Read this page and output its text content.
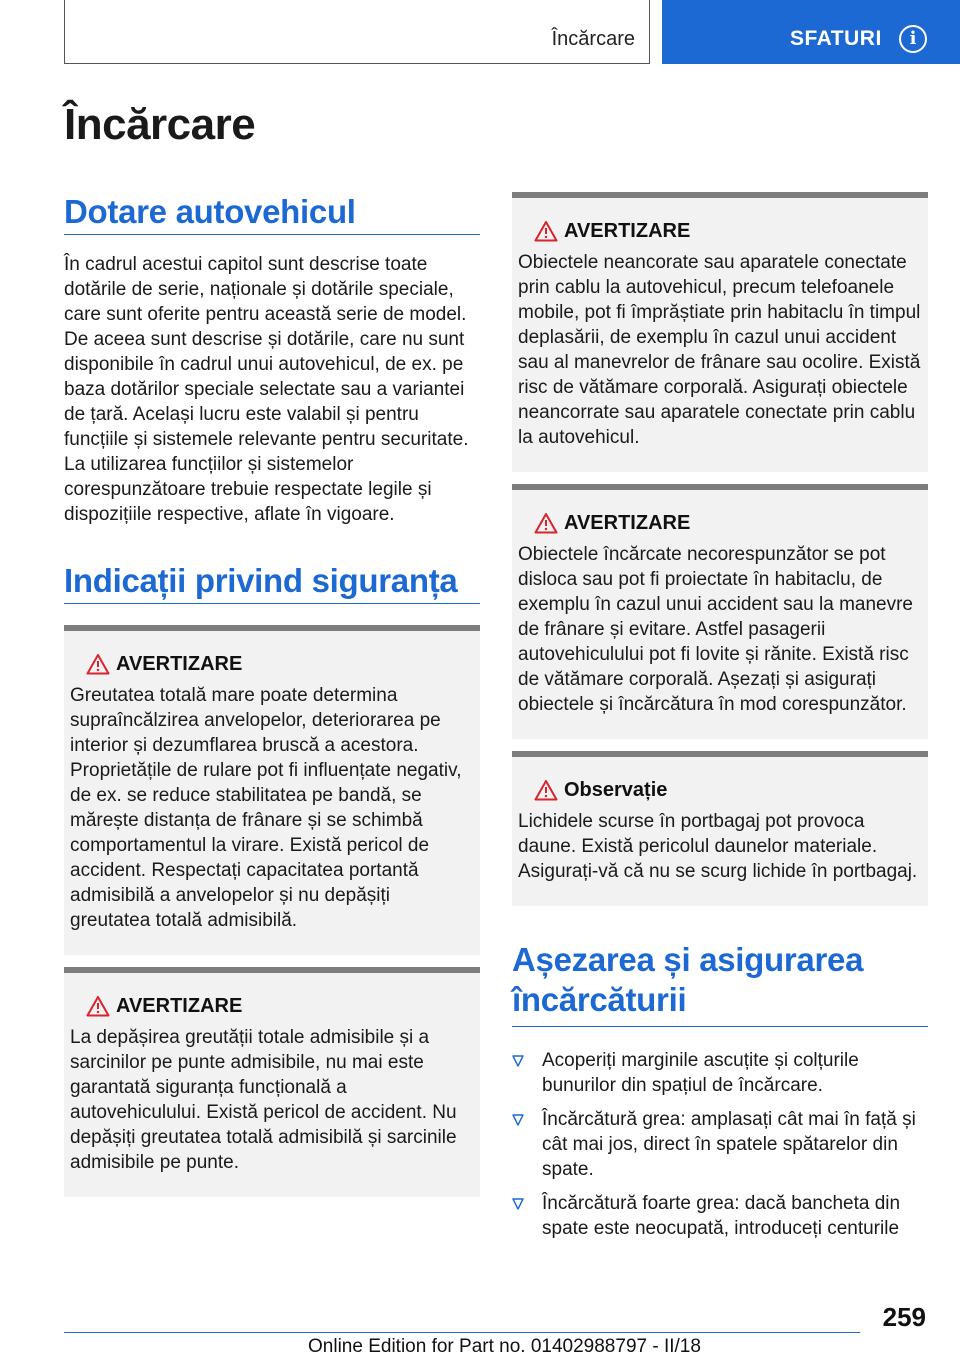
Încărcare	SFATURI	i
Încărcare
Dotare autovehicul

În cadrul acestui capitol sunt descrise toate dotările de serie, naționale și dotările speciale, care sunt oferite pentru această serie de model. De aceea sunt descrise și dotările, care nu sunt disponibile în cadrul unui autovehicul, de ex. pe baza dotărilor speciale selectate sau a variantei de țară. Același lucru este valabil și pentru funcțiile și sistemele relevante pentru securitate. La utilizarea funcțiilor și sistemelor corespunzătoare trebuie respectate legile și dispozițiile respective, aflate în vigoare.

Indicații privind siguranța
AVERTIZARE

Greutatea totală mare poate determina supraîncălzirea anvelopelor, deteriorarea pe interior și dezumflarea bruscă a acestora. Proprietățile de rulare pot fi influențate negativ, de ex. se reduce stabilitatea pe bandă, se mărește distanța de frânare și se schimbă comportamentul la virare. Există pericol de accident. Respectați capacitatea portantă admisibilă a anvelopelor și nu depășiți greutatea totală admisibilă.

AVERTIZARE

La depășirea greutății totale admisibile și a sarcinilor pe punte admisibile, nu mai este garantată siguranța funcțională a autovehiculului. Există pericol de accident. Nu depășiți greutatea totală admisibilă și sarcinile admisibile pe punte.

AVERTIZARE

Obiectele neancorate sau aparatele conectate prin cablu la autovehicul, precum telefoanele mobile, pot fi împrăștiate prin habitaclu în timpul deplasării, de exemplu în cazul unui accident sau al manevrelor de frânare sau ocolire. Există risc de vătămare corporală. Asigurați obiectele neancorrate sau aparatele conectate prin cablu la autovehicul.

AVERTIZARE

Obiectele încărcate necorespunzător se pot disloca sau pot fi proiectate în habitaclu, de exemplu în cazul unui accident sau la manevre de frânare și evitare. Astfel pasagerii autovehiculului pot fi lovite și rănite. Există risc de vătămare corporală. Așezați și asigurați obiectele și încărcătura în mod corespunzător.

Observație

Lichidele scurse în portbagaj pot provoca daune. Există pericolul daunelor materiale. Asigurați-vă că nu se scurg lichide în portbagaj.

Așezarea și asigurarea încărcăturii
Acoperiți marginile ascuțite și colțurile bunurilor din spațiul de încărcare.
Încărcătură grea: amplasați cât mai în față și cât mai jos, direct în spatele spătarelor din spate.
Încărcătură foarte grea: dacă bancheta din spate este neocupată, introduceți centurile
259
Online Edition for Part no. 01402988797 - II/18
